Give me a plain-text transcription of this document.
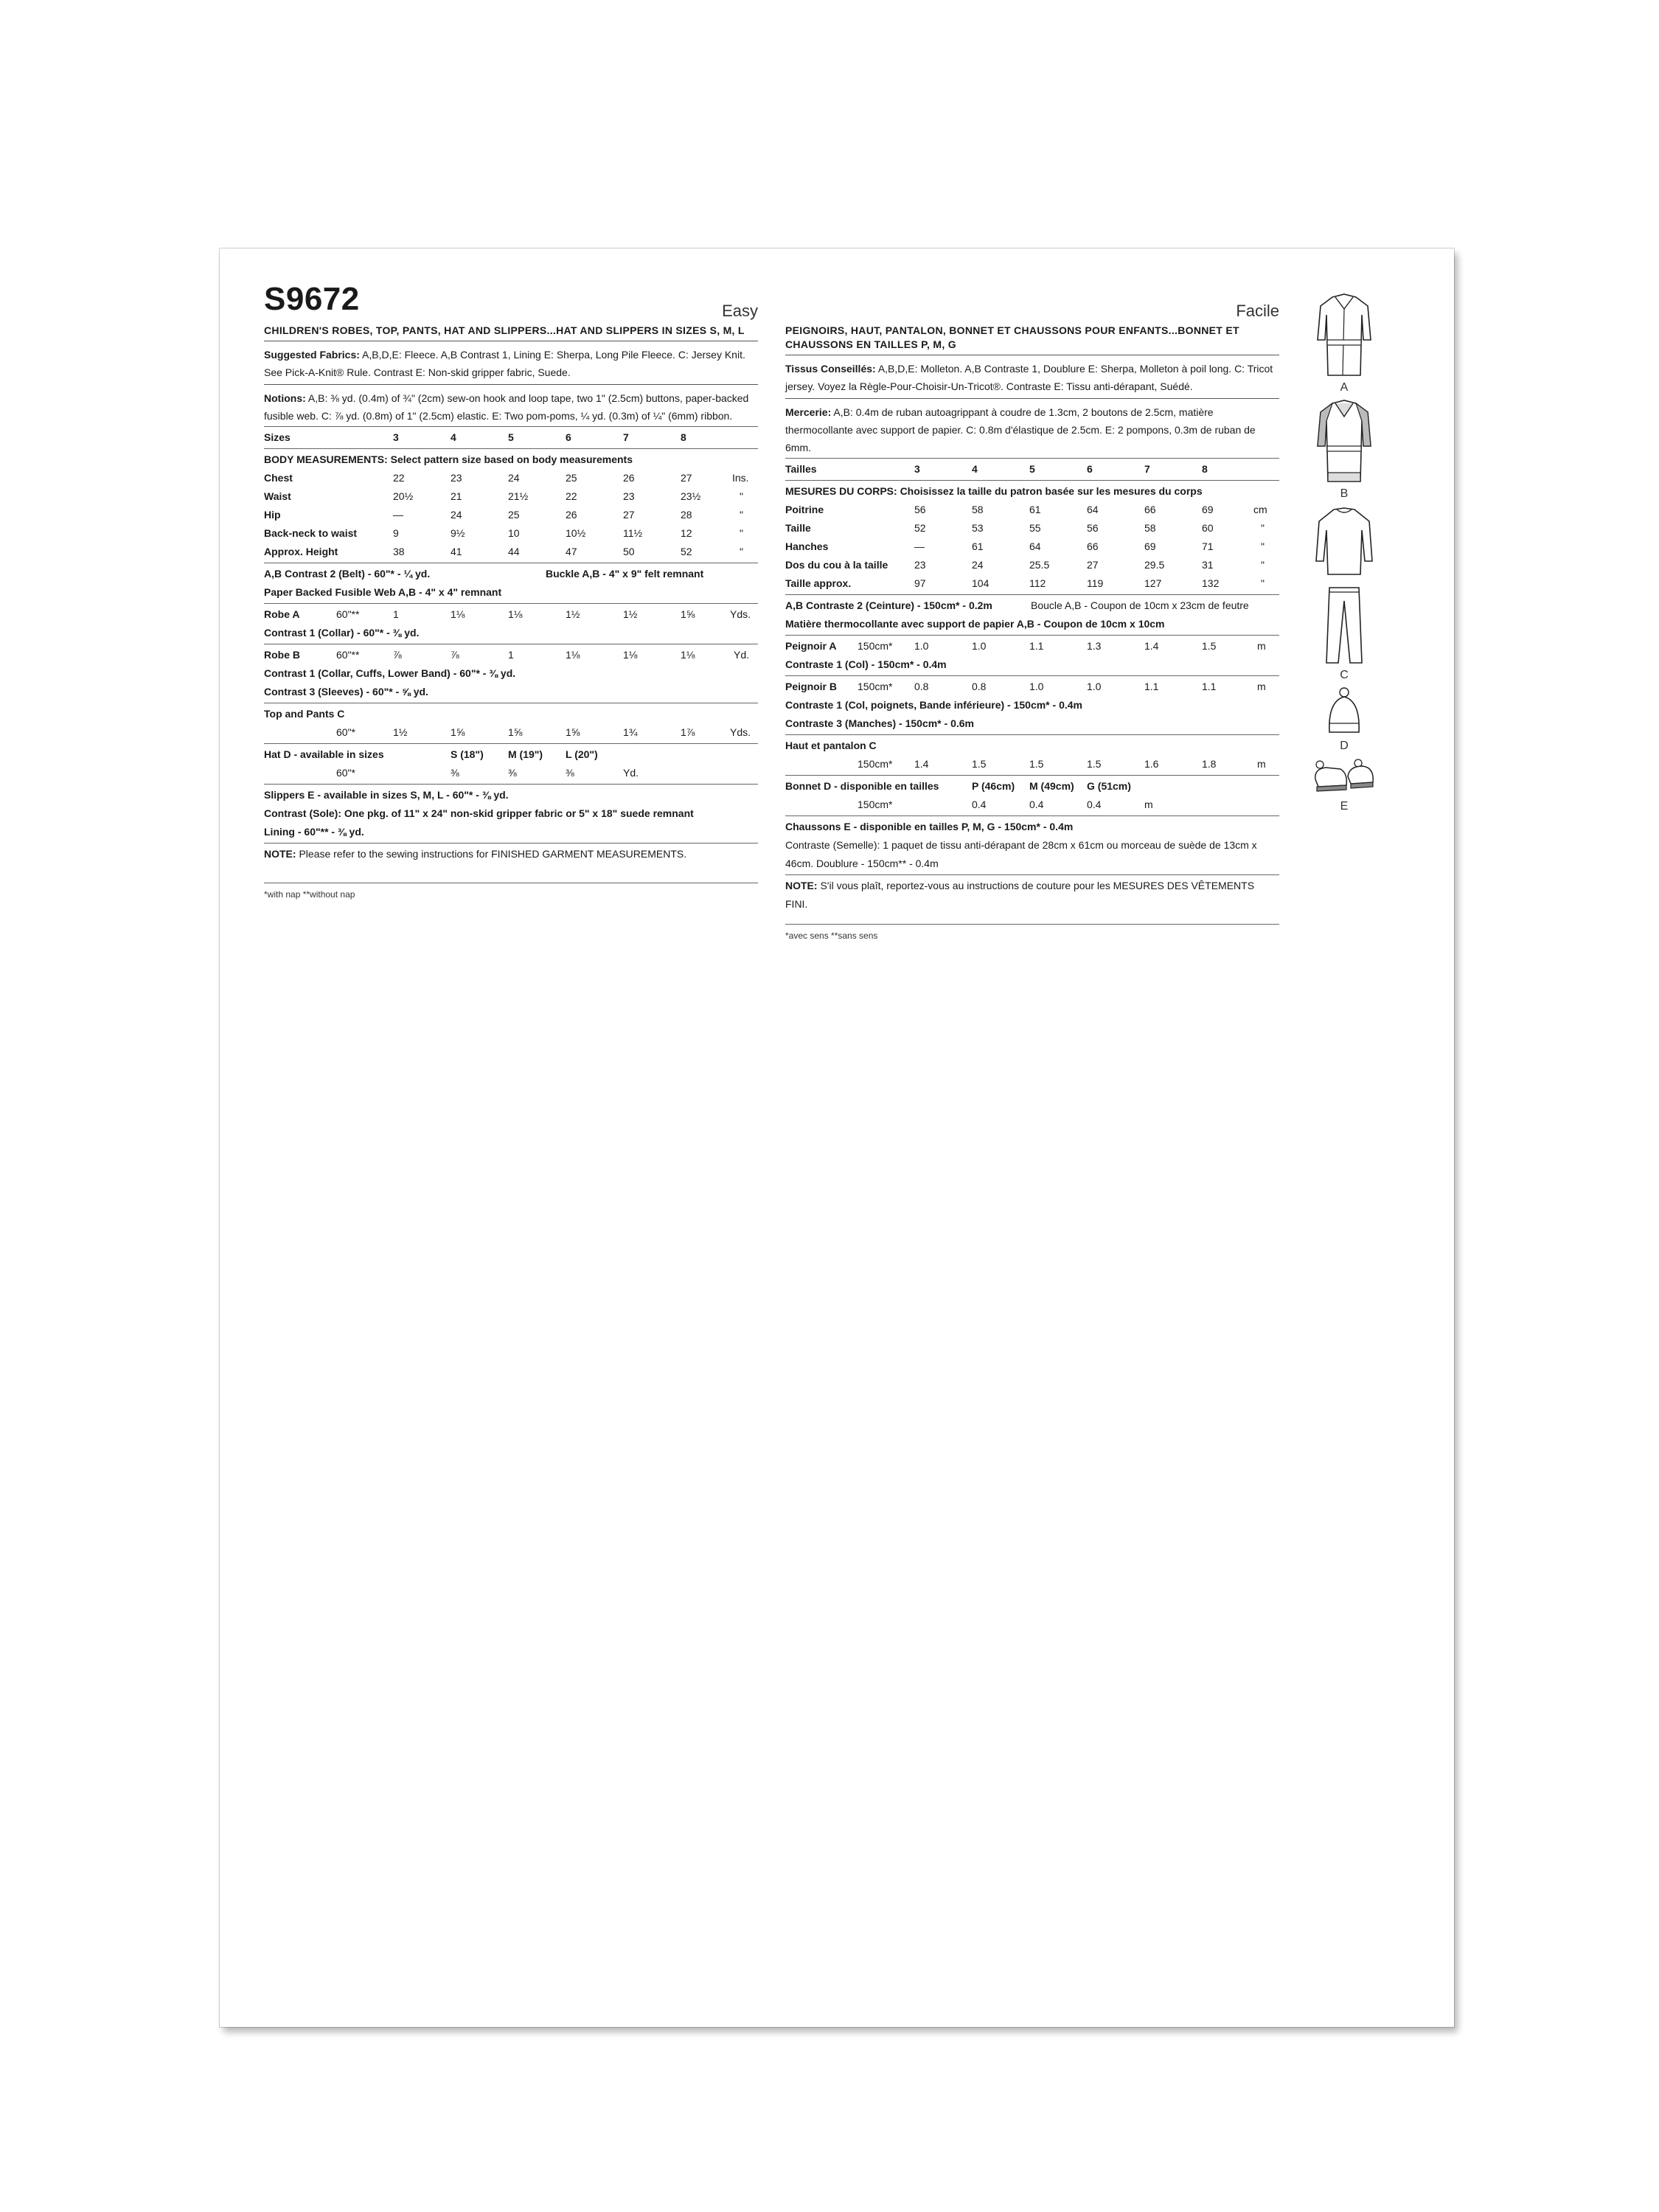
S9672	Easy
CHILDREN'S ROBES, TOP, PANTS, HAT AND SLIPPERS...HAT AND SLIPPERS IN SIZES S, M, L

Suggested Fabrics: A,B,D,E: Fleece. A,B Contrast 1, Lining E: Sherpa, Long Pile Fleece. C: Jersey Knit. See Pick-A-Knit® Rule. Contrast E: Non-skid gripper fabric, Suede.

Notions: A,B: ⅜ yd. (0.4m) of ¾" (2cm) sew-on hook and loop tape, two 1" (2.5cm) buttons, paper-backed fusible web. C: ⅞ yd. (0.8m) of 1" (2.5cm) elastic. E: Two pom-poms, ¼ yd. (0.3m) of ¼" (6mm) ribbon.

Sizes	3	4	5	6	7	8
BODY MEASUREMENTS: Select pattern size based on body measurements
Chest	22	23	24	25	26	27	Ins.
Waist	20½	21	21½	22	23	23½	"
Hip	—	24	25	26	27	28	"
Back-neck to waist	9	9½	10	10½	11½	12	"
Approx. Height	38	41	44	47	50	52	"
A,B Contrast 2 (Belt) - 60"* - ¼ yd.	Buckle A,B - 4" x 9" felt remnant
Paper Backed Fusible Web A,B - 4" x 4" remnant
Robe A	60"**	1	1⅛	1⅛	1½	1½	1⅝	Yds.
Contrast 1 (Collar) - 60"* - ⅜ yd.
Robe B	60"**	⅞	⅞	1	1⅛	1⅛	1⅛	Yd.
Contrast 1 (Collar, Cuffs, Lower Band) - 60"* - ⅜ yd.
Contrast 3 (Sleeves) - 60"* - ⅝ yd.
Top and Pants C
60"*	1½	1⅝	1⅝	1⅝	1¾	1⅞	Yds.
Hat D - available in sizes	S (18") M (19") L (20")
60"*	⅜	⅜	⅜	Yd.
Slippers E - available in sizes S, M, L - 60"* - ⅜ yd.
Contrast (Sole): One pkg. of 11" x 24" non-skid gripper fabric or 5" x 18" suede remnant
Lining - 60"** - ⅜ yd.
NOTE: Please refer to the sewing instructions for FINISHED GARMENT MEASUREMENTS.
*with nap **without nap
Facile
PEIGNOIRS, HAUT, PANTALON, BONNET ET CHAUSSONS POUR ENFANTS...BONNET ET CHAUSSONS EN TAILLES P, M, G

Tissus Conseillés: A,B,D,E: Molleton. A,B Contraste 1, Doublure E: Sherpa, Molleton à poil long. C: Tricot jersey. Voyez la Règle-Pour-Choisir-Un-Tricot®. Contraste E: Tissu anti-dérapant, Suédé.

Mercerie: A,B: 0.4m de ruban autoagrippant à coudre de 1.3cm, 2 boutons de 2.5cm, matière thermocollante avec support de papier. C: 0.8m d'élastique de 2.5cm. E: 2 pompons, 0.3m de ruban de 6mm.

Tailles	3	4	5	6	7	8
MESURES DU CORPS: Choisissez la taille du patron basée sur les mesures du corps
Poitrine	56	58	61	64	66	69	cm
Taille	52	53	55	56	58	60	"
Hanches	—	61	64	66	69	71	"
Dos du cou à la taille	23	24	25.5	27	29.5	31	"
Taille approx.	97	104	112	119	127	132	"
A,B Contraste 2 (Ceinture) - 150cm* - 0.2m	Boucle A,B - Coupon de 10cm x 23cm de feutre
Matière thermocollante avec support de papier A,B - Coupon de 10cm x 10cm
Peignoir A 150cm* 1.0	1.0	1.1	1.3	1.4	1.5	m
Contraste 1 (Col) - 150cm* - 0.4m
Peignoir B 150cm* 0.8	0.8	1.0	1.0	1.1	1.1	m
Contraste 1 (Col, poignets, Bande inférieure) - 150cm* - 0.4m
Contraste 3 (Manches) - 150cm* - 0.6m
Haut et pantalon C
150cm* 1.4	1.5	1.5	1.5	1.6	1.8	m
Bonnet D - disponible en tailles	P (46cm) M (49cm) G (51cm)
150cm*	0.4	0.4	0.4	m
Chaussons E - disponible en tailles P, M, G - 150cm* - 0.4m

Contraste (Semelle): 1 paquet de tissu anti-dérapant de 28cm x 61cm ou morceau de suède de 13cm x 46cm. Doublure - 150cm** - 0.4m

NOTE: S'il vous plaît, reportez-vous au instructions de couture pour les MESURES DES VÊTEMENTS FINI.

*avec sens **sans sens
A
B
C
D
E
